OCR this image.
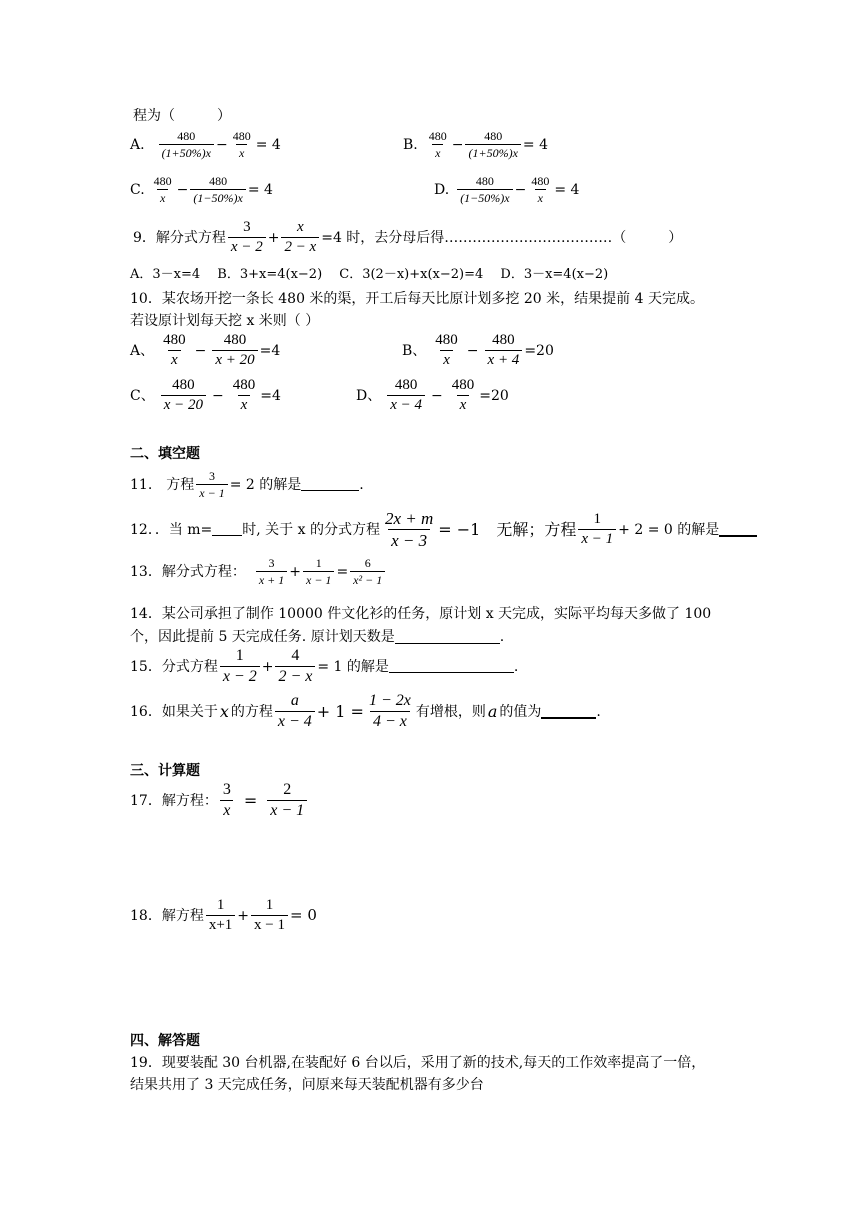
程为（　　　）
A. $\frac{480}{(1+50\%)x} - \frac{480}{x} = 4$	B. $\frac{480}{x} - \frac{480}{(1+50\%)x} = 4$
C. $\frac{480}{x} - \frac{480}{(1-50\%)x} = 4$	D. $\frac{480}{(1-50\%)x} - \frac{480}{x} = 4$
9．解分式方程 $\frac{3}{x - 2} + \frac{x}{2 - x} =4$ 时，去分母后得………………………………（　　　）
A．3－x=4　 B．3+x=4(x−2)　 C．3(2－x)+x(x−2)=4　 D．3－x=4(x−2)
10．某农场开挖一条长 480 米的渠，开工后每天比原计划多挖 20 米，结果提前 4 天完成。
若设原计划每天挖 x 米则（ ）
A、 $\frac{480}{x} - \frac{480}{x + 20} =4$	B、 $\frac{480}{x} - \frac{480}{x + 4} =20$
C、 $\frac{480}{x - 20} - \frac{480}{x} =4$	D、 $\frac{480}{x - 4} - \frac{480}{x} =20$
二、填空题
11.　方程 $\frac{3}{x - 1} = 2$ 的解是	.
12．．当 m= 时, 关于 x 的分式方程 $\frac{2x + m}{x - 3} = -1$　无解；方程 $\frac{1}{x - 1} + 2 = 0$ 的解是
13．解分式方程： $\frac{3}{x + 1} + \frac{1}{x - 1} = \frac{6}{\text{x² − 1}}$
14．某公司承担了制作 10000 件文化衫的任务，原计划 x 天完成，实际平均每天多做了 100
个，因此提前 5 天完成任务. 原计划天数是	.
15．分式方程 $\frac{1}{x - 2} + \frac{4}{2 - x} = 1$ 的解是	.
16．如果关于 x 的方程 $\frac{a}{x - 4} + 1 = \frac{1 - 2x}{4 - x}$ 有增根，则 a 的值为	.
三、计算题
17．解方程： $\frac{3}{x} = \frac{2}{x - 1}$
18．解方程 $\frac{1}{x+1} + \frac{1}{x - 1} = 0$
四、解答题
19．现要装配 30 台机器,在装配好 6 台以后，采用了新的技术,每天的工作效率提高了一倍，
结果共用了 3 天完成任务，问原来每天装配机器有多少台
